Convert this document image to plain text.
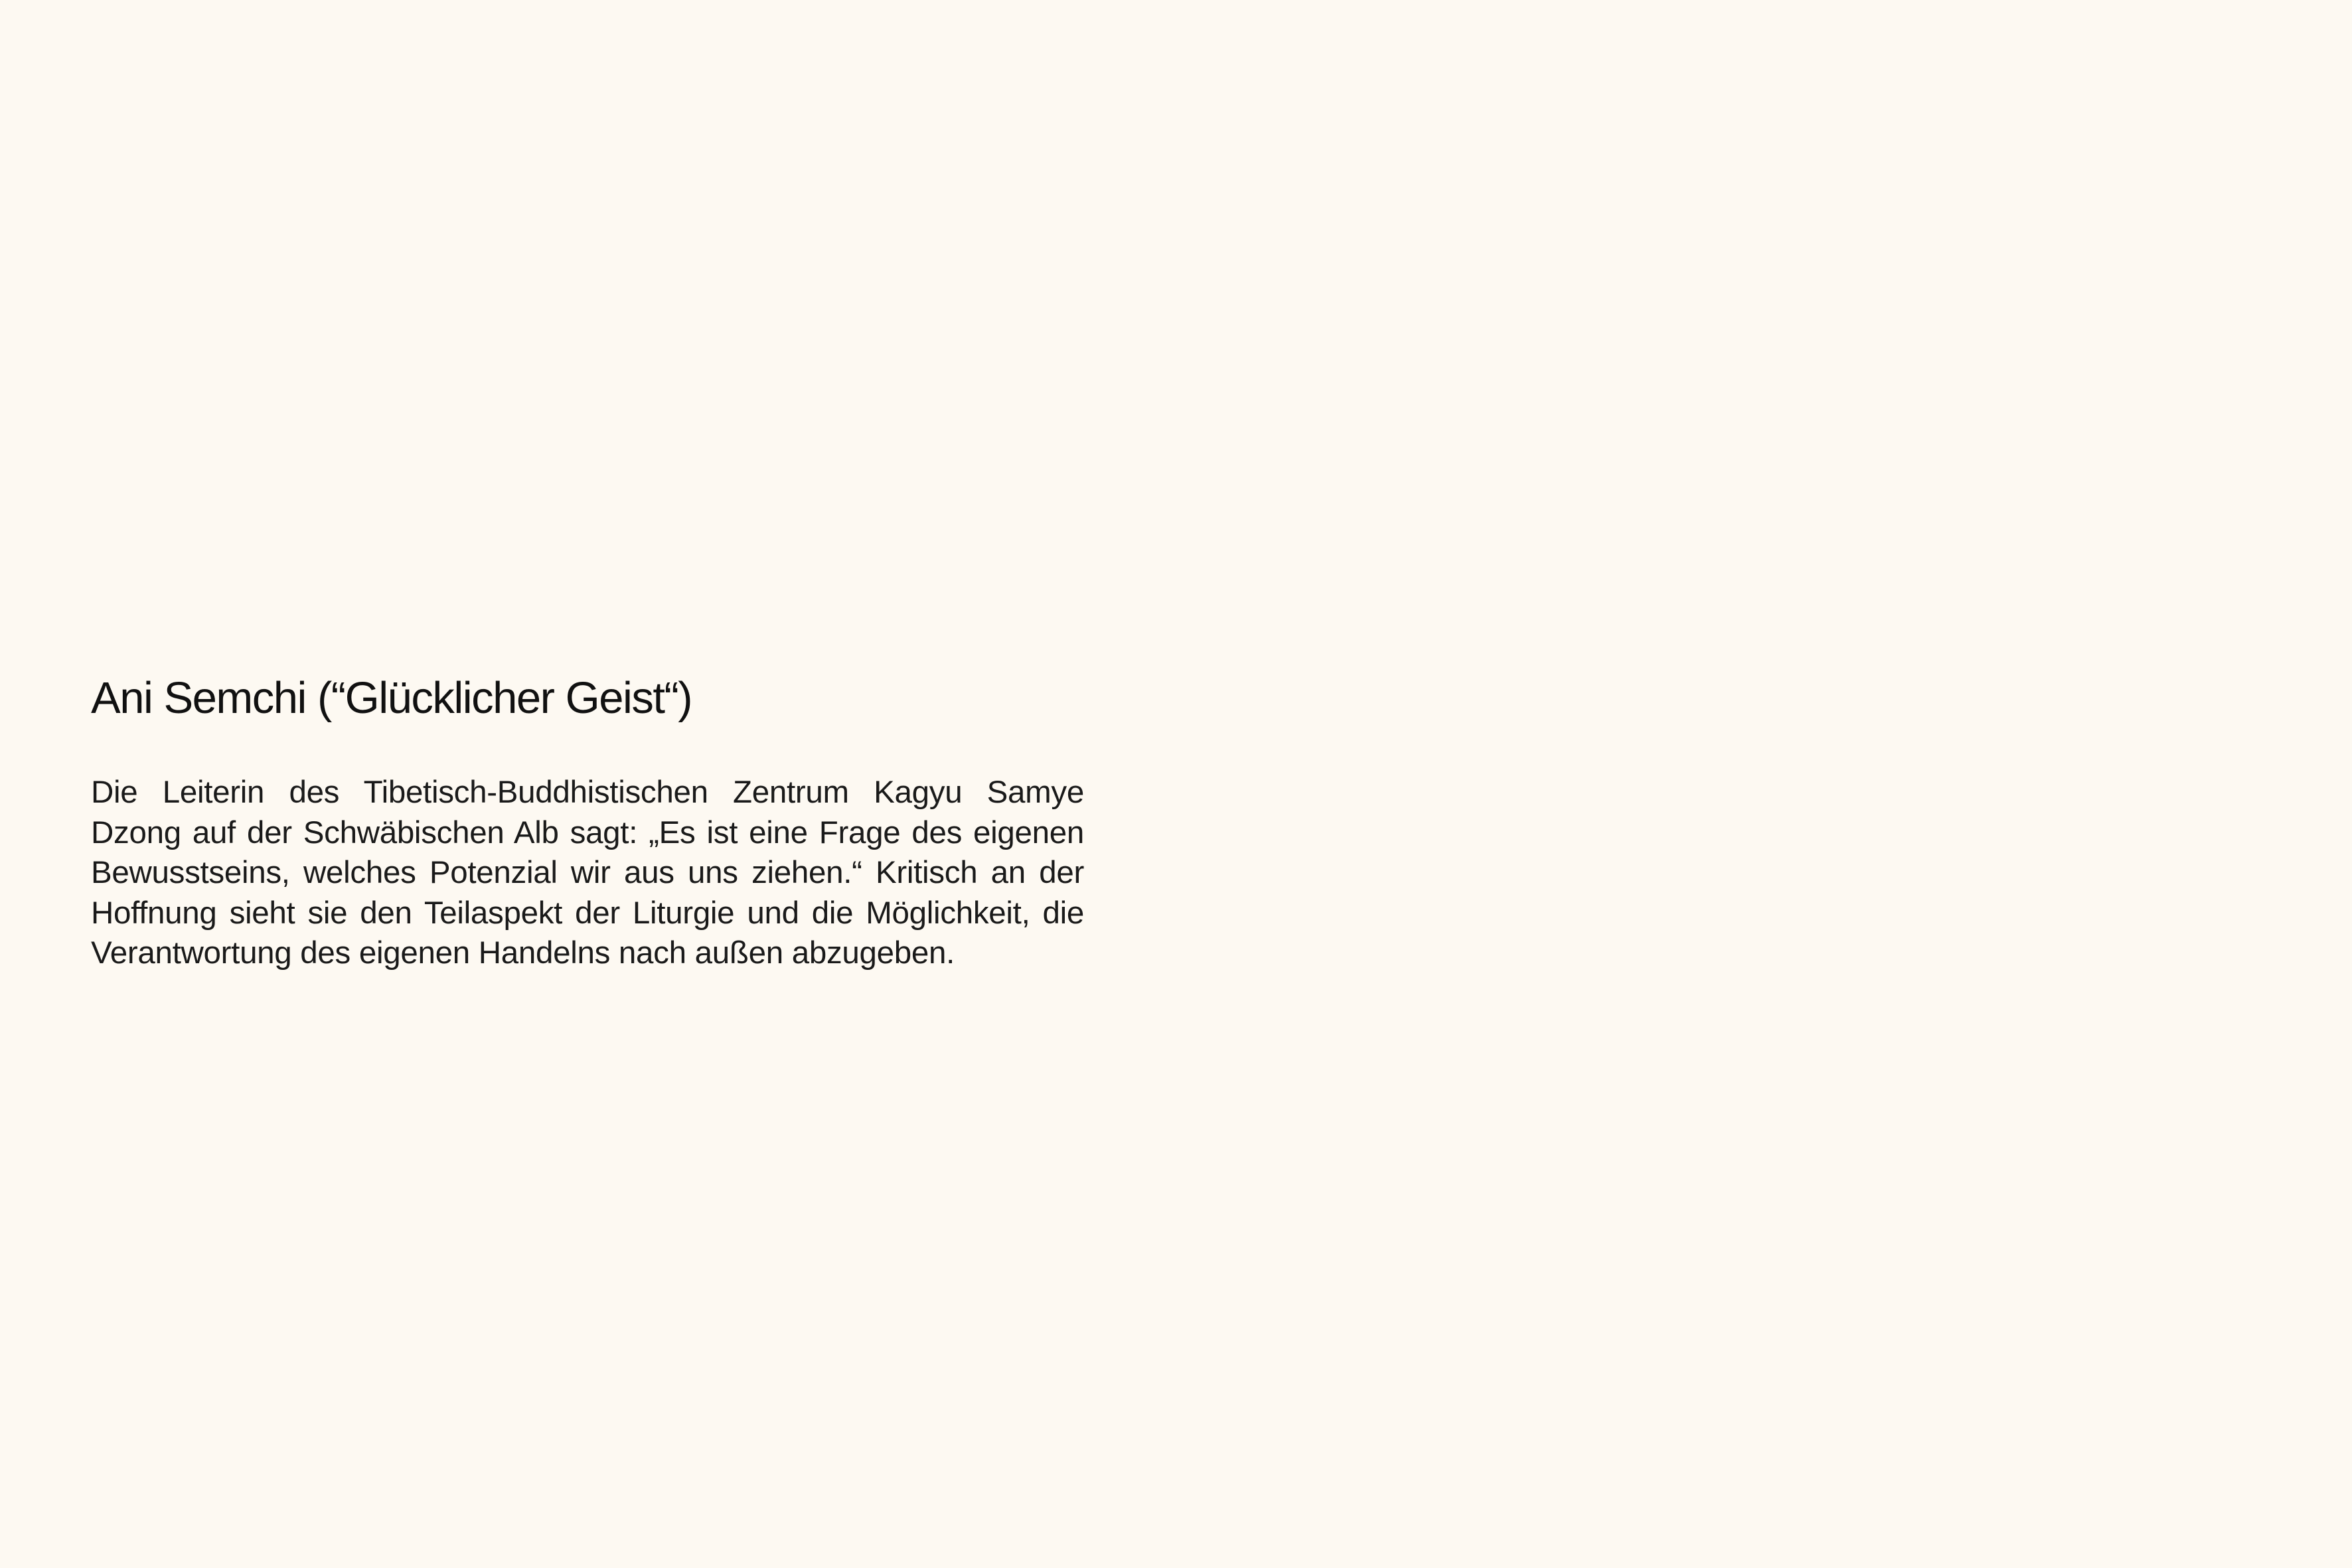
Ani Semchi (“Glücklicher Geist“)

Die Leiterin des Tibetisch-Buddhistischen Zentrum Kagyu Samye Dzong auf der Schwäbischen Alb sagt: „Es ist eine Frage des eigenen Bewusstseins, welches Potenzial wir aus uns ziehen.“ Kritisch an der Hoffnung sieht sie den Teilaspekt der Liturgie und die Möglichkeit, die Verantwortung des eigenen Handelns nach außen abzugeben.
